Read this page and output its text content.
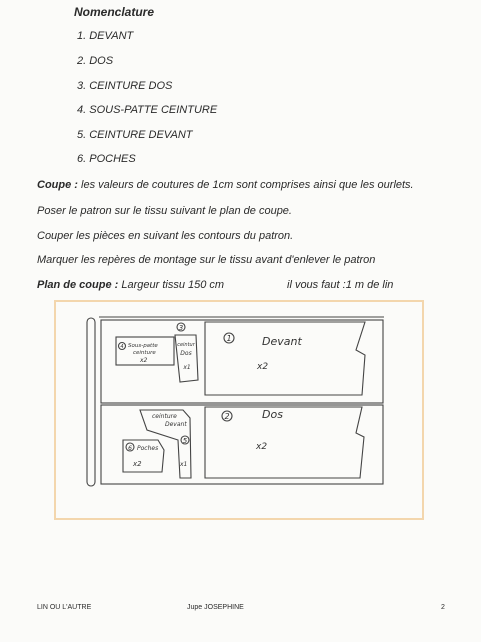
Nomenclature
1. DEVANT
2. DOS
3. CEINTURE DOS
4. SOUS-PATTE CEINTURE
5. CEINTURE DEVANT
6. POCHES
Coupe : les valeurs de coutures de 1cm sont comprises ainsi que les ourlets.
Poser le patron sur le tissu suivant le plan de coupe.
Couper les pièces en suivant les contours du patron.
Marquer les repères de montage sur le tissu avant d'enlever le patron
Plan de coupe : Largeur tissu 150 cm	il vous faut :1 m de lin
1	Devant
x2
2	Dos
x2
3
ceintur
Dos
x1
4 Sous-patte
ceinture
x2
ceinture
Devant
5
x1
6 Poches
x2
LIN OU L'AUTRE	Jupe JOSEPHINE	2
